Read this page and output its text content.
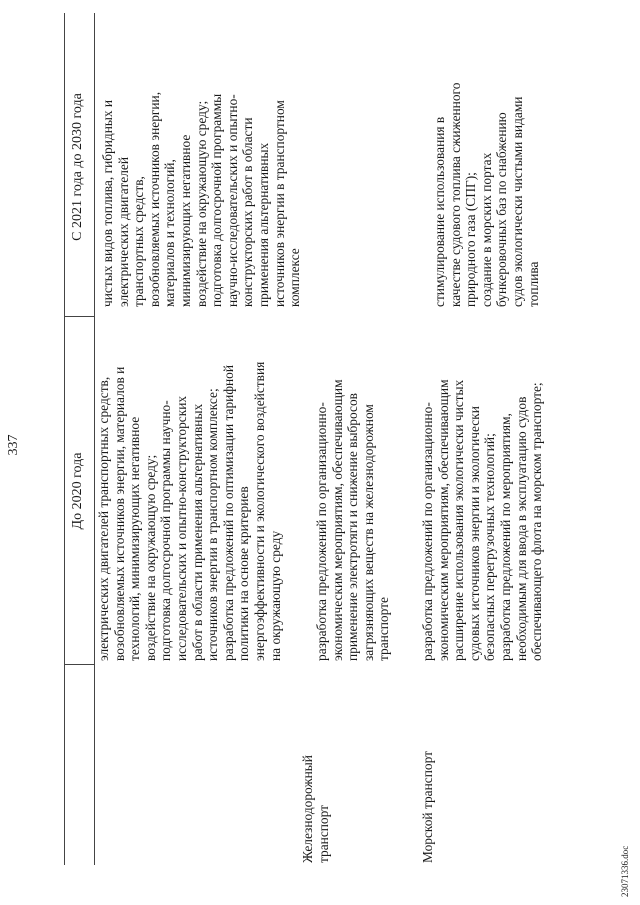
337
До 2020 года
С 2021 года до 2030 года
электрических двигателей транспортных средств,
возобновляемых источников энергии, материалов и
технологий, минимизирующих негативное
воздействие на окружающую среду;
подготовка долгосрочной программы научно-
исследовательских и опытно-конструкторских
работ в области применения альтернативных
источников энергии в транспортном комплексе;
разработка предложений по оптимизации тарифной
политики на основе критериев
энергоэффективности и экологического воздействия
на окружающую среду
чистых видов топлива, гибридных и
электрических двигателей
транспортных средств,
возобновляемых источников энергии,
материалов и технологий,
минимизирующих негативное
воздействие на окружающую среду;
подготовка долгосрочной программы
научно-исследовательских и опытно-
конструкторских работ в области
применения альтернативных
источников энергии в транспортном
комплексе
Железнодорожный
транспорт
разработка предложений по организационно-
экономическим мероприятиям, обеспечивающим
применение электротяги и снижение выбросов
загрязняющих веществ на железнодорожном
транспорте
Морской транспорт
разработка предложений по организационно-
экономическим мероприятиям, обеспечивающим
расширение использования экологически чистых
судовых источников энергии и экологически
безопасных перегрузочных технологий;
разработка предложений по мероприятиям,
необходимым для ввода в эксплуатацию судов
обеспечивающего флота на морском транспорте;
стимулирование использования в
качестве судового топлива сжиженного
природного газа (СПГ);
создание в морских портах
бункеровочных баз по снабжению
судов экологически чистыми видами
топлива
23071336.doc
